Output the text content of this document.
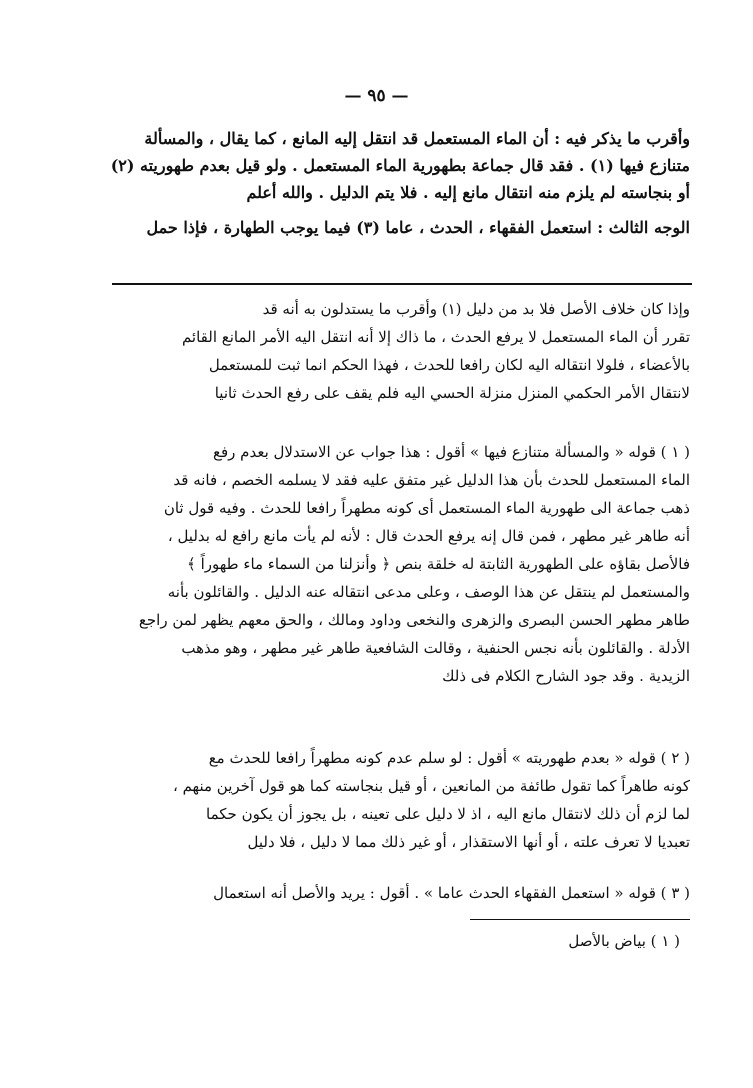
— ٩٥ —
وأقرب ما يذكر فيه : أن الماء المستعمل قد انتقل إليه المانع ، كما يقال ، والمسألة
متنازع فيها (١) . فقد قال جماعة بطهورية الماء المستعمل . ولو قيل بعدم طهوريته (٢)
أو بنجاسته لم يلزم منه انتقال مانع إليه . فلا يتم الدليل . والله أعلم
الوجه الثالث : استعمل الفقهاء ، الحدث ، عاما (٣) فيما يوجب الطهارة ، فإذا حمل
وإذا كان خلاف الأصل فلا بد من دليل (١) وأقرب ما يستدلون به أنه قد
تقرر أن الماء المستعمل لا يرفع الحدث ، ما ذاك إلا أنه انتقل اليه الأمر المانع القائم
بالأعضاء ، فلولا انتقاله اليه لكان رافعا للحدث ، فهذا الحكم انما ثبت للمستعمل
لانتقال الأمر الحكمي المنزل منزلة الحسي اليه فلم يقف على رفع الحدث ثانيا
( ١ ) قوله « والمسألة متنازع فيها » أقول : هذا جواب عن الاستدلال بعدم رفع
الماء المستعمل للحدث بأن هذا الدليل غير متفق عليه فقد لا يسلمه الخصم ، فانه قد
ذهب جماعة الى طهورية الماء المستعمل أى كونه مطهراً رافعا للحدث . وفيه قول ثان
أنه طاهر غير مطهر ، فمن قال إنه يرفع الحدث قال : لأنه لم يأت مانع رافع له بدليل ،
فالأصل بقاؤه على الطهورية الثابتة له خلقة بنص ﴿ وأنزلنا من السماء ماء طهوراً ﴾
والمستعمل لم ينتقل عن هذا الوصف ، وعلى مدعى انتقاله عنه الدليل . والقائلون بأنه
طاهر مطهر الحسن البصرى والزهرى والنخعى وداود ومالك ، والحق معهم يظهر لمن راجع
الأدلة . والقائلون بأنه نجس الحنفية ، وقالت الشافعية طاهر غير مطهر ، وهو مذهب
الزيدية . وقد جود الشارح الكلام فى ذلك
( ٢ ) قوله « بعدم طهوريته » أقول : لو سلم عدم كونه مطهراً رافعا للحدث مع
كونه طاهراً كما تقول طائفة من المانعين ، أو قيل بنجاسته كما هو قول آخرين منهم ،
لما لزم أن ذلك لانتقال مانع اليه ، اذ لا دليل على تعينه ، بل يجوز أن يكون حكما
تعبديا لا تعرف علته ، أو أنها الاستقذار ، أو غير ذلك مما لا دليل ، فلا دليل
( ٣ ) قوله « استعمل الفقهاء الحدث عاما » . أقول : يريد والأصل أنه استعمال
( ١ ) بياض بالأصل
